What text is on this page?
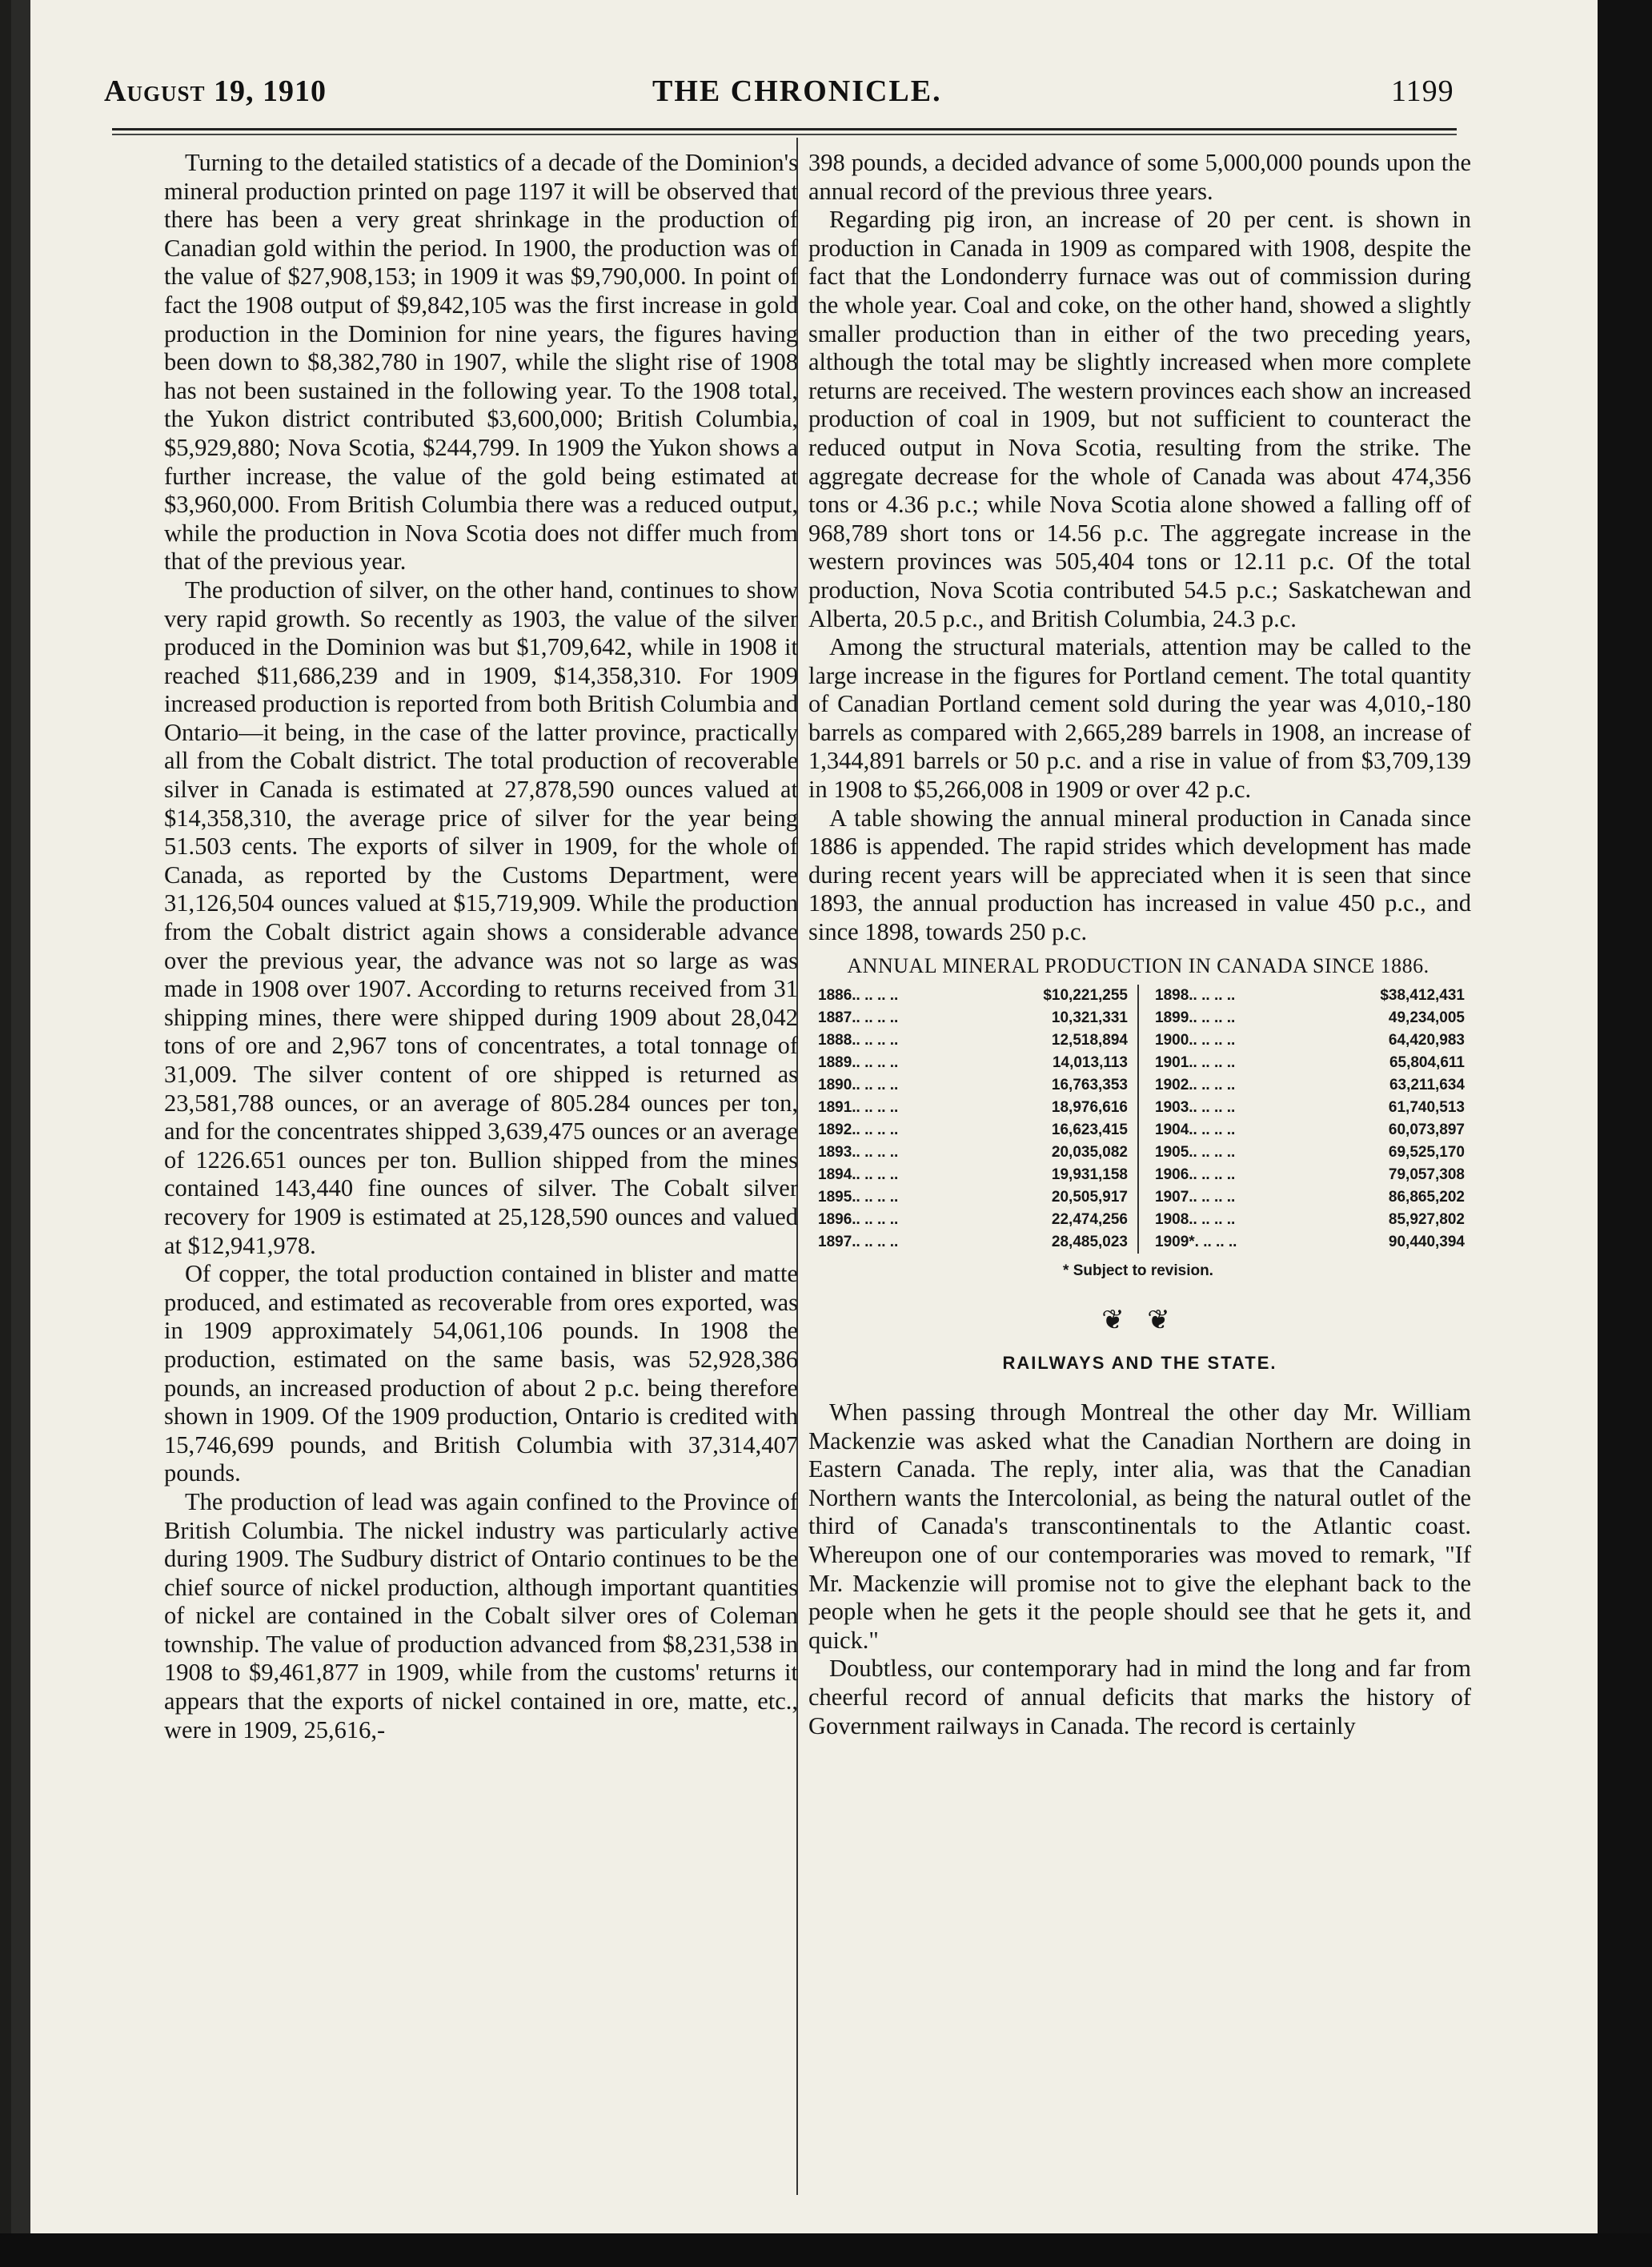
August 19, 1910	THE CHRONICLE.	1199

Turning to the detailed statistics of a decade of the Dominion's mineral production printed on page 1197 it will be observed that there has been a very great shrinkage in the production of Canadian gold within the period. In 1900, the production was of the value of $27,908,153; in 1909 it was $9,790,000. In point of fact the 1908 output of $9,842,105 was the first increase in gold production in the Dominion for nine years, the figures having been down to $8,382,780 in 1907, while the slight rise of 1908 has not been sustained in the following year. To the 1908 total, the Yukon district contributed $3,600,000; British Columbia, $5,929,880; Nova Scotia, $244,799. In 1909 the Yukon shows a further increase, the value of the gold being estimated at $3,960,000. From British Columbia there was a reduced output, while the production in Nova Scotia does not differ much from that of the previous year.

The production of silver, on the other hand, continues to show very rapid growth. So recently as 1903, the value of the silver produced in the Dominion was but $1,709,642, while in 1908 it reached $11,686,239 and in 1909, $14,358,310. For 1909 increased production is reported from both British Columbia and Ontario—it being, in the case of the latter province, practically all from the Cobalt district. The total production of recoverable silver in Canada is estimated at 27,878,590 ounces valued at $14,358,310, the average price of silver for the year being 51.503 cents. The exports of silver in 1909, for the whole of Canada, as reported by the Customs Department, were 31,126,504 ounces valued at $15,719,909. While the production from the Cobalt district again shows a considerable advance over the previous year, the advance was not so large as was made in 1908 over 1907. According to returns received from 31 shipping mines, there were shipped during 1909 about 28,042 tons of ore and 2,967 tons of concentrates, a total tonnage of 31,009. The silver content of ore shipped is returned as 23,581,788 ounces, or an average of 805.284 ounces per ton, and for the concentrates shipped 3,639,475 ounces or an average of 1226.651 ounces per ton. Bullion shipped from the mines contained 143,440 fine ounces of silver. The Cobalt silver recovery for 1909 is estimated at 25,128,590 ounces and valued at $12,941,978.

Of copper, the total production contained in blister and matte produced, and estimated as recoverable from ores exported, was in 1909 approximately 54,061,106 pounds. In 1908 the production, estimated on the same basis, was 52,928,386 pounds, an increased production of about 2 p.c. being therefore shown in 1909. Of the 1909 production, Ontario is credited with 15,746,699 pounds, and British Columbia with 37,314,407 pounds.

The production of lead was again confined to the Province of British Columbia. The nickel industry was particularly active during 1909. The Sudbury district of Ontario continues to be the chief source of nickel production, although important quantities of nickel are contained in the Cobalt silver ores of Coleman township. The value of production advanced from $8,231,538 in 1908 to $9,461,877 in 1909, while from the customs' returns it appears that the exports of nickel contained in ore, matte, etc., were in 1909, 25,616,-

398 pounds, a decided advance of some 5,000,000 pounds upon the annual record of the previous three years.

Regarding pig iron, an increase of 20 per cent. is shown in production in Canada in 1909 as compared with 1908, despite the fact that the Londonderry furnace was out of commission during the whole year. Coal and coke, on the other hand, showed a slightly smaller production than in either of the two preceding years, although the total may be slightly increased when more complete returns are received. The western provinces each show an increased production of coal in 1909, but not sufficient to counteract the reduced output in Nova Scotia, resulting from the strike. The aggregate decrease for the whole of Canada was about 474,356 tons or 4.36 p.c.; while Nova Scotia alone showed a falling off of 968,789 short tons or 14.56 p.c. The aggregate increase in the western provinces was 505,404 tons or 12.11 p.c. Of the total production, Nova Scotia contributed 54.5 p.c.; Saskatchewan and Alberta, 20.5 p.c., and British Columbia, 24.3 p.c.

Among the structural materials, attention may be called to the large increase in the figures for Portland cement. The total quantity of Canadian Portland cement sold during the year was 4,010,-180 barrels as compared with 2,665,289 barrels in 1908, an increase of 1,344,891 barrels or 50 p.c. and a rise in value of from $3,709,139 in 1908 to $5,266,008 in 1909 or over 42 p.c.

A table showing the annual mineral production in Canada since 1886 is appended. The rapid strides which development has made during recent years will be appreciated when it is seen that since 1893, the annual production has increased in value 450 p.c., and since 1898, towards 250 p.c.

ANNUAL MINERAL PRODUCTION IN CANADA SINCE 1886.
1886.. .. .. ..	$10,221,255
1887.. .. .. ..	10,321,331
1888.. .. .. ..	12,518,894
1889.. .. .. ..	14,013,113
1890.. .. .. ..	16,763,353
1891.. .. .. ..	18,976,616
1892.. .. .. ..	16,623,415
1893.. .. .. ..	20,035,082
1894.. .. .. ..	19,931,158
1895.. .. .. ..	20,505,917
1896.. .. .. ..	22,474,256
1897.. .. .. ..	28,485,023
1898.. .. .. ..	$38,412,431
1899.. .. .. ..	49,234,005
1900.. .. .. ..	64,420,983
1901.. .. .. ..	65,804,611
1902.. .. .. ..	63,211,634
1903.. .. .. ..	61,740,513
1904.. .. .. ..	60,073,897
1905.. .. .. ..	69,525,170
1906.. .. .. ..	79,057,308
1907.. .. .. ..	86,865,202
1908.. .. .. ..	85,927,802
1909*. .. .. ..	90,440,394
* Subject to revision.
❦ ❦
RAILWAYS AND THE STATE.

When passing through Montreal the other day Mr. William Mackenzie was asked what the Canadian Northern are doing in Eastern Canada. The reply, inter alia, was that the Canadian Northern wants the Intercolonial, as being the natural outlet of the third of Canada's transcontinentals to the Atlantic coast. Whereupon one of our contemporaries was moved to remark, "If Mr. Mackenzie will promise not to give the elephant back to the people when he gets it the people should see that he gets it, and quick."

Doubtless, our contemporary had in mind the long and far from cheerful record of annual deficits that marks the history of Government railways in Canada. The record is certainly
